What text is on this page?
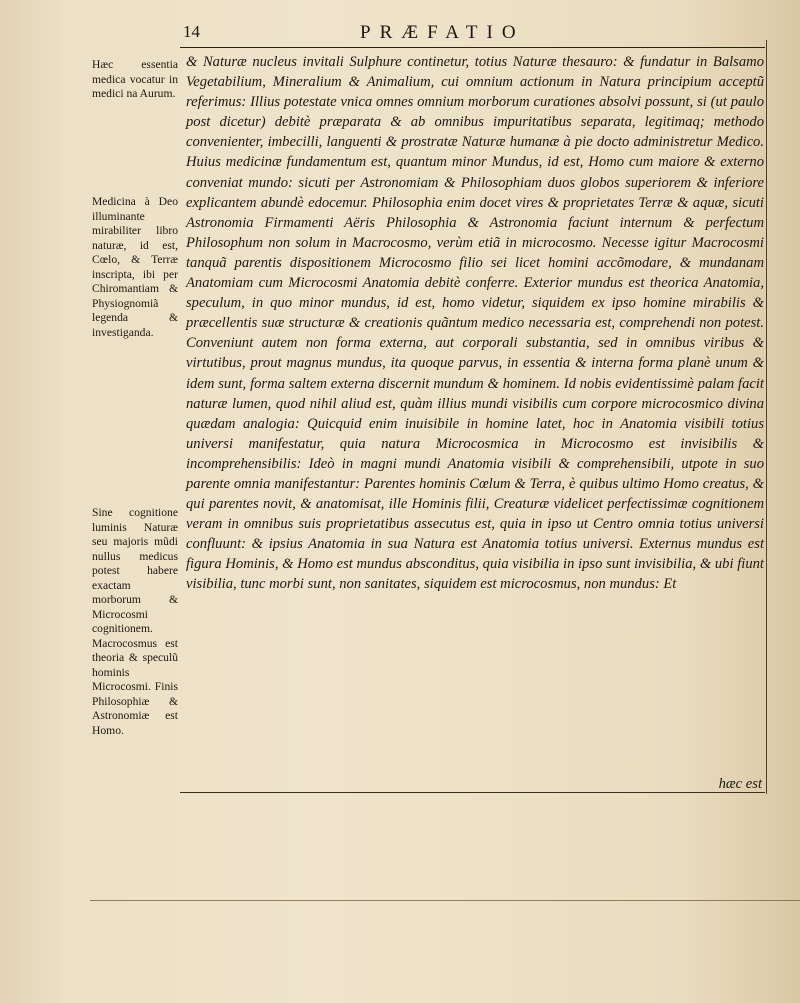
14	PRÆFATIO

Hæc essentia medica vocatur in medici na Aurum.

Medicina à Deo illuminante mirabiliter libro naturæ, id est, Cœlo, & Terræ inscripta, ibi per Chiromantiam & Physiognomiã legenda & investiganda.

Sine cognitione luminis Naturæ seu majoris mũdi nullus medicus potest habere exactam morborum & Microcosmi cognitionem. Macrocosmus est theoria & speculũ hominis Microcosmi. Finis Philosophiæ & Astronomiæ est Homo.

& Naturæ nucleus invitali Sulphure continetur, totius Naturæ thesauro: & fundatur in Balsamo Vegetabilium, Mineralium & Animalium, cui omnium actionum in Natura principium acceptũ referimus: Illius potestate vnica omnes omnium morborum curationes absolvi possunt, si (ut paulo post dicetur) debitè præparata & ab omnibus impuritatibus separata, legitimaq; methodo convenienter, imbecilli, languenti & prostratæ Naturæ humanæ à pie docto administretur Medico. Huius medicinæ fundamentum est, quantum minor Mundus, id est, Homo cum maiore & externo conveniat mundo: sicuti per Astronomiam & Philosophiam duos globos superiorem & inferiore explicantem abundè edocemur. Philosophia enim docet vires & proprietates Terræ & aquæ, sicuti Astronomia Firmamenti Aëris Philosophia & Astronomia faciunt internum & perfectum Philosophum non solum in Macrocosmo, verùm etiã in microcosmo. Necesse igitur Macrocosmi tanquã parentis dispositionem Microcosmo filio sei licet homini accõmodare, & mundanam Anatomiam cum Microcosmi Anatomia debitè conferre. Exterior mundus est theorica Anatomia, speculum, in quo minor mundus, id est, homo videtur, siquidem ex ipso homine mirabilis & præcellentis suæ structuræ & creationis quãntum medico necessaria est, comprehendi non potest. Conveniunt autem non forma externa, aut corporali substantia, sed in omnibus viribus & virtutibus, prout magnus mundus, ita quoque parvus, in essentia & interna forma planè unum & idem sunt, forma saltem externa discernit mundum & hominem. Id nobis evidentissimè palam facit naturæ lumen, quod nihil aliud est, quàm illius mundi visibilis cum corpore microcosmico divina quædam analogia: Quicquid enim inuisibile in homine latet, hoc in Anatomia visibili totius universi manifestatur, quia natura Microcosmica in Microcosmo est invisibilis & incomprehensibilis: Ideò in magni mundi Anatomia visibili & comprehensibili, utpote in suo parente omnia manifestantur: Parentes hominis Cœlum & Terra, è quibus ultimo Homo creatus, & qui parentes novit, & anatomisat, ille Hominis filii, Creaturæ videlicet perfectissimæ cognitionem veram in omnibus suis proprietatibus assecutus est, quia in ipso ut Centro omnia totius universi confluunt: & ipsius Anatomia in sua Natura est Anatomia totius universi. Externus mundus est figura Hominis, & Homo est mundus absconditus, quia visibilia in ipso sunt invisibilia, & ubi fiunt visibilia, tunc morbi sunt, non sanitates, siquidem est microcosmus, non mundus: Et

hæc est
